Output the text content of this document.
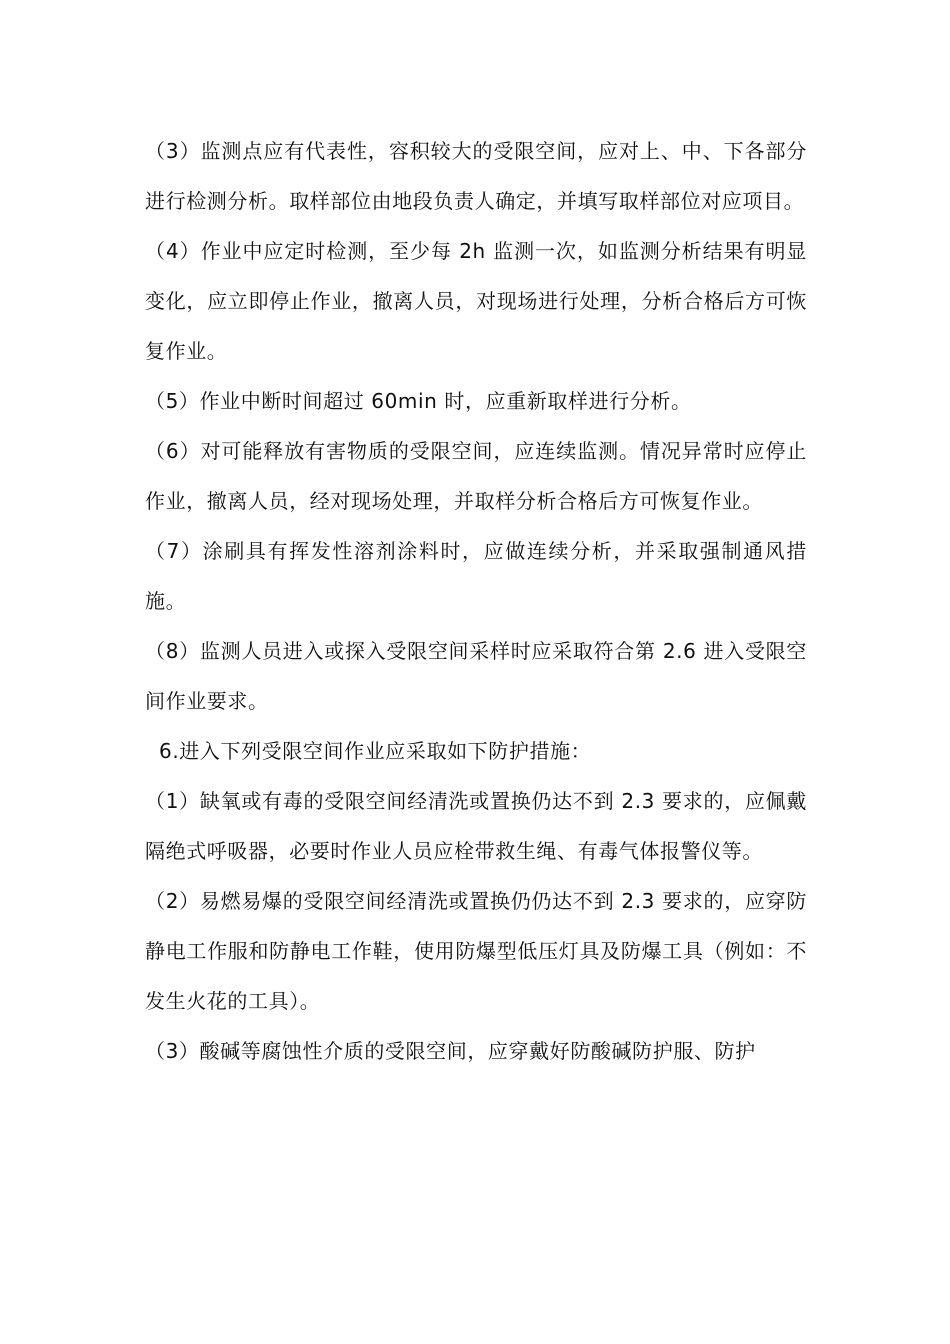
（3）监测点应有代表性，容积较大的受限空间，应对上、中、下各部分进行检测分析。取样部位由地段负责人确定，并填写取样部位对应项目。

（4）作业中应定时检测，至少每 2h 监测一次，如监测分析结果有明显变化，应立即停止作业，撤离人员，对现场进行处理，分析合格后方可恢复作业。

（5）作业中断时间超过 60min 时，应重新取样进行分析。

（6）对可能释放有害物质的受限空间，应连续监测。情况异常时应停止作业，撤离人员，经对现场处理，并取样分析合格后方可恢复作业。

（7）涂刷具有挥发性溶剂涂料时，应做连续分析，并采取强制通风措施。

（8）监测人员进入或探入受限空间采样时应采取符合第 2.6 进入受限空间作业要求。

6.进入下列受限空间作业应采取如下防护措施：

（1）缺氧或有毒的受限空间经清洗或置换仍达不到 2.3 要求的，应佩戴隔绝式呼吸器，必要时作业人员应栓带救生绳、有毒气体报警仪等。

（2）易燃易爆的受限空间经清洗或置换仍仍达不到 2.3 要求的，应穿防静电工作服和防静电工作鞋，使用防爆型低压灯具及防爆工具（例如：不发生火花的工具）。

（3）酸碱等腐蚀性介质的受限空间，应穿戴好防酸碱防护服、防护
